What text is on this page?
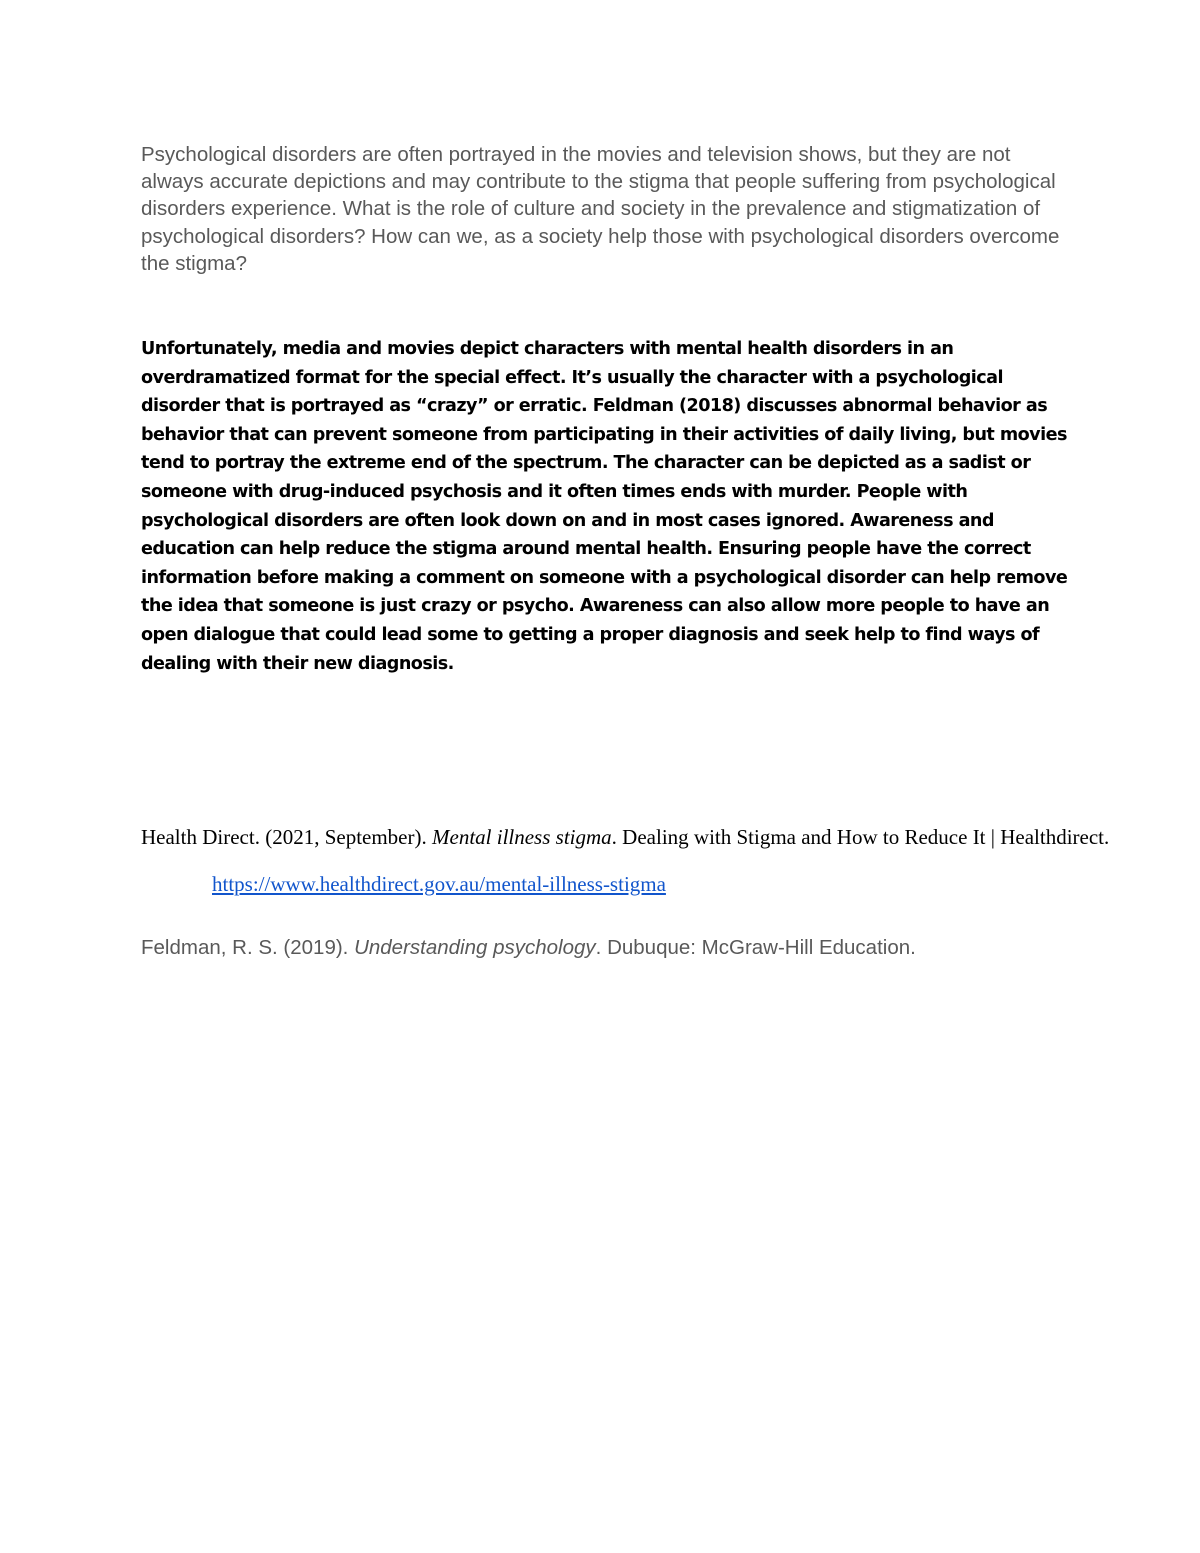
Psychological disorders are often portrayed in the movies and television shows, but they are not always accurate depictions and may contribute to the stigma that people suffering from psychological disorders experience. What is the role of culture and society in the prevalence and stigmatization of psychological disorders? How can we, as a society help those with psychological disorders overcome the stigma?

Unfortunately, media and movies depict characters with mental health disorders in an overdramatized format for the special effect. It’s usually the character with a psychological disorder that is portrayed as “crazy” or erratic. Feldman (2018) discusses abnormal behavior as behavior that can prevent someone from participating in their activities of daily living, but movies tend to portray the extreme end of the spectrum. The character can be depicted as a sadist or someone with drug-induced psychosis and it often times ends with murder. People with psychological disorders are often look down on and in most cases ignored. Awareness and education can help reduce the stigma around mental health. Ensuring people have the correct information before making a comment on someone with a psychological disorder can help remove the idea that someone is just crazy or psycho. Awareness can also allow more people to have an open dialogue that could lead some to getting a proper diagnosis and seek help to find ways of dealing with their new diagnosis.

Health Direct. (2021, September). Mental illness stigma. Dealing with Stigma and How to Reduce It | Healthdirect. https://www.healthdirect.gov.au/mental-illness-stigma

Feldman, R. S. (2019). Understanding psychology. Dubuque: McGraw-Hill Education.
